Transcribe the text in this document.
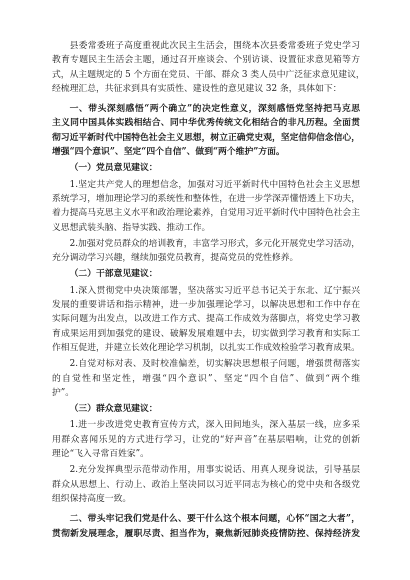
县委常委班子高度重视此次民主生活会，围绕本次县委常委班子党史学习
教育专题民主生活会主题，通过召开座谈会、个别访谈、设置征求意见箱等方
式，从主题规定的 5 个方面在党员、干部、群众 3 类人员中广泛征求意见建议，
经梳理汇总，共征求到具有实质性、建设性的意见建议 32 条，具体如下：
一、带头深刻感悟“两个确立”的决定性意义，深刻感悟党坚持把马克思
主义同中国具体实践相结合、同中华优秀传统文化相结合的非凡历程。全面贯
彻习近平新时代中国特色社会主义思想，树立正确党史观，坚定信仰信念信心，
增强“四个意识”、坚定“四个自信”、做到“两个维护”方面。
（一）党员意见建议：
1.坚定共产党人的理想信念，加强对习近平新时代中国特色社会主义思想
系统学习，增加理论学习的系统性和整体性，在进一步学深弄懂悟透上下功夫，
着力提高马克思主义水平和政治理论素养，自觉用习近平新时代中国特色社会主
义思想武装头脑、指导实践、推动工作。
2.加强对党员群众的培训教育，丰富学习形式，多元化开展党史学习活动，
充分调动学习兴趣，继续加强党员教育，提高党员的党性修养。
（二）干部意见建议：
1.深入贯彻党中央决策部署，坚决落实习近平总书记关于东北、辽宁振兴
发展的重要讲话和指示精神，进一步加强理论学习，以解决思想和工作中存在
实际问题为出发点，以改进工作方式、提高工作成效为落脚点，将党史学习教
育成果运用到加强党的建设、破解发展难题中去，切实做到学习教育和实际工
作相互促进，并建立长效化理论学习机制，以扎实工作成效检验学习教育成果。
2.自觉对标对表、及时校准偏差，切实解决思想根子问题，增强贯彻落实
的自觉性和坚定性，增强“四个意识”、坚定“四个自信”、做到“两个维
护”。
（三）群众意见建议：
1.进一步改进党史教育宣传方式，深入田间地头，深入基层一线，应多采
用群众喜闻乐见的方式进行学习，让党的“好声音”在基层唱响，让党的创新
理论“飞入寻常百姓家”。
2.充分发挥典型示范带动作用，用事实说话、用真人现身说法，引导基层
群众从思想上、行动上、政治上坚决同以习近平同志为核心的党中央和各级党
组织保持高度一致。
二、带头牢记我们党是什么、要干什么这个根本问题，心怀“国之大者”，
贯彻新发展理念，履职尽责、担当作为，聚焦新冠肺炎疫情防控、保持经济发
